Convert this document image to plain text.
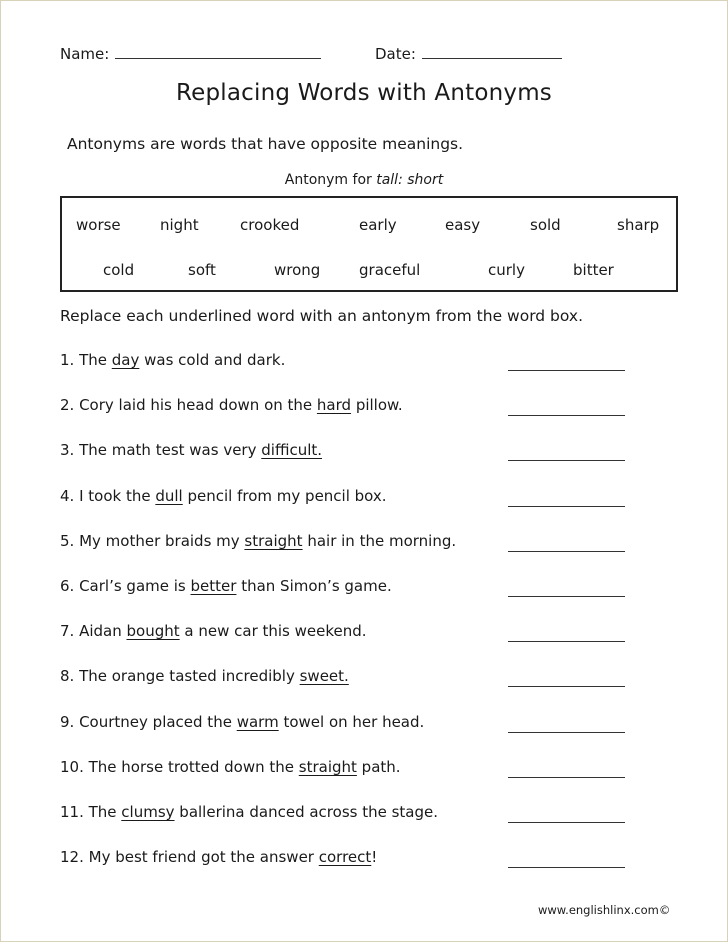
Name:	Date:
Replacing Words with Antonyms
Antonyms are words that have opposite meanings.
Antonym for tall: short
worse	night	crooked	early	easy	sold	sharp
cold	soft	wrong	graceful	curly	bitter
Replace each underlined word with an antonym from the word box.
1. The day was cold and dark.
2. Cory laid his head down on the hard pillow.
3. The math test was very difficult.
4. I took the dull pencil from my pencil box.
5. My mother braids my straight hair in the morning.
6. Carl’s game is better than Simon’s game.
7. Aidan bought a new car this weekend.
8. The orange tasted incredibly sweet.
9. Courtney placed the warm towel on her head.
10. The horse trotted down the straight path.
11. The clumsy ballerina danced across the stage.
12. My best friend got the answer correct!
www.englishlinx.com©
